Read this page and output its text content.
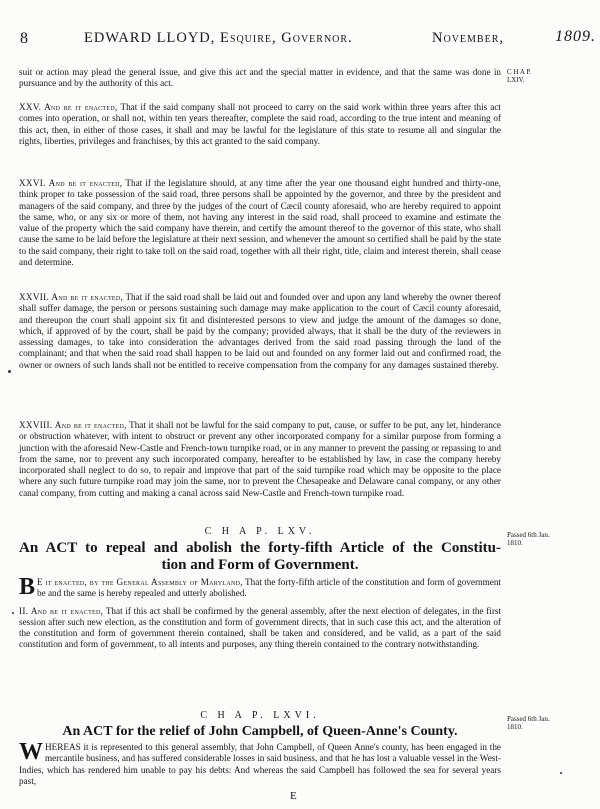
8	EDWARD LLOYD, Esquire, Governor.	November,	1809.
C H A P.
LXIV.

suit or action may plead the general issue, and give this act and the special matter in evidence, and that the same was done in pursuance and by the authority of this act.

XXV. And be it enacted, That if the said company shall not proceed to carry on the said work within three years after this act comes into operation, or shall not, within ten years thereafter, complete the said road, according to the true intent and meaning of this act, then, in either of those cases, it shall and may be lawful for the legislature of this state to resume all and singular the rights, liberties, privileges and franchises, by this act granted to the said company.

XXVI. And be it enacted, That if the legislature should, at any time after the year one thousand eight hundred and thirty-one, think proper to take possession of the said road, three persons shall be appointed by the governor, and three by the president and managers of the said company, and three by the judges of the court of Cæcil county aforesaid, who are hereby required to appoint the same, who, or any six or more of them, not having any interest in the said road, shall proceed to examine and estimate the value of the property which the said company have therein, and certify the amount thereof to the governor of this state, who shall cause the same to be laid before the legislature at their next session, and whenever the amount so certified shall be paid by the state to the said company, their right to take toll on the said road, together with all their right, title, claim and interest therein, shall cease and determine.

XXVII. And be it enacted, That if the said road shall be laid out and founded over and upon any land whereby the owner thereof shall suffer damage, the person or persons sustaining such damage may make application to the court of Cæcil county aforesaid, and thereupon the court shall appoint six fit and disinterested persons to view and judge the amount of the damages so done, which, if approved of by the court, shall be paid by the company; provided always, that it shall be the duty of the reviewers in assessing damages, to take into consideration the advantages derived from the said road passing through the land of the complainant; and that when the said road shall happen to be laid out and founded on any former laid out and confirmed road, the owner or owners of such lands shall not be entitled to receive compensation from the company for any damages sustained thereby.

XXVIII. And be it enacted, That it shall not be lawful for the said company to put, cause, or suffer to be put, any let, hinderance or obstruction whatever, with intent to obstruct or prevent any other incorporated company for a similar purpose from forming a junction with the aforesaid New-Castle and French-town turnpike road, or in any manner to prevent the passing or repassing to and from the same, nor to prevent any such incorporated company, hereafter to be established by law, in case the company hereby incorporated shall neglect to do so, to repair and improve that part of the said turnpike road which may be opposite to the place where any such future turnpike road may join the same, nor to prevent the Chesapeake and Delaware canal company, or any other canal company, from cutting and making a canal across said New-Castle and French-town turnpike road.

C H A P. LXV.

An ACT to repeal and abolish the forty-fifth Article of the Constitu-
tion and Form of Government.

B E it enacted, by the General Assembly of Maryland, That the forty-fifth article of the constitution and form of government be and the same is hereby repealed and utterly abolished.

II. And be it enacted, That if this act shall be confirmed by the general assembly, after the next election of delegates, in the first session after such new election, as the constitution and form of government directs, that in such case this act, and the alteration of the constitution and form of government therein contained, shall be taken and considered, and be valid, as a part of the said constitution and form of government, to all intents and purposes, any thing therein contained to the contrary notwithstanding.

Passed 6th Jan. 1810.

C H A P. LXVI.

An ACT for the relief of John Campbell, of Queen-Anne's County.

W HEREAS it is represented to this general assembly, that John Campbell, of Queen Anne's county, has been engaged in the mercantile business, and has suffered considerable losses in said business, and that he has lost a valuable vessel in the West-Indies, which has rendered him unable to pay his debts: And whereas the said Campbell has followed the sea for several years past,

Passed 6th Jan. 1810.
E
